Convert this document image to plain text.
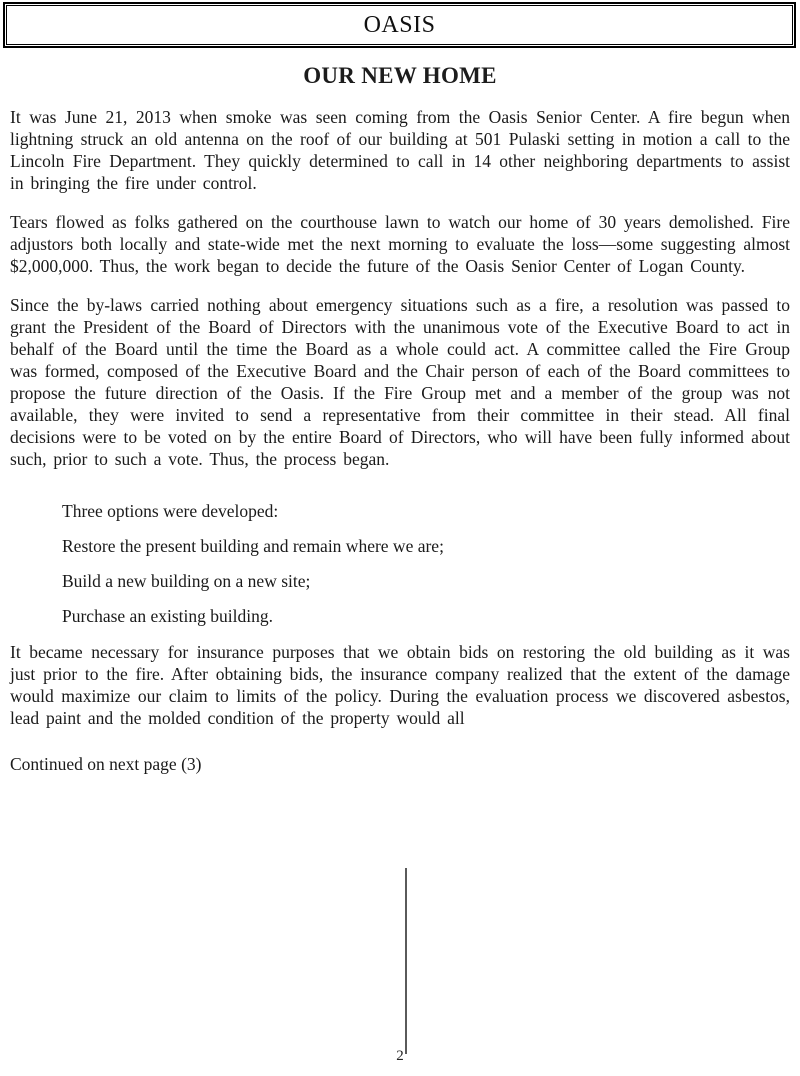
OASIS
OUR NEW HOME

It was June 21, 2013 when smoke was seen coming from the Oasis Senior Center. A fire begun when lightning struck an old antenna on the roof of our building at 501 Pulaski setting in motion a call to the Lincoln Fire Department. They quickly determined to call in 14 other neighboring departments to assist in bringing the fire under control.

Tears flowed as folks gathered on the courthouse lawn to watch our home of 30 years demolished. Fire adjustors both locally and state-wide met the next morning to evaluate the loss—some suggesting almost $2,000,000. Thus, the work began to decide the future of the Oasis Senior Center of Logan County.

Since the by-laws carried nothing about emergency situations such as a fire, a resolution was passed to grant the President of the Board of Directors with the unanimous vote of the Executive Board to act in behalf of the Board until the time the Board as a whole could act. A committee called the Fire Group was formed, composed of the Executive Board and the Chair person of each of the Board committees to propose the future direction of the Oasis. If the Fire Group met and a member of the group was not available, they were invited to send a representative from their committee in their stead. All final decisions were to be voted on by the entire Board of Directors, who will have been fully informed about such, prior to such a vote. Thus, the process began.

Three options were developed:

Restore the present building and remain where we are;

Build a new building on a new site;

Purchase an existing building.

It became necessary for insurance purposes that we obtain bids on restoring the old building as it was just prior to the fire. After obtaining bids, the insurance company realized that the extent of the damage would maximize our claim to limits of the policy. During the evaluation process we discovered asbestos, lead paint and the molded condition of the property would all

Continued on next page (3)

2
